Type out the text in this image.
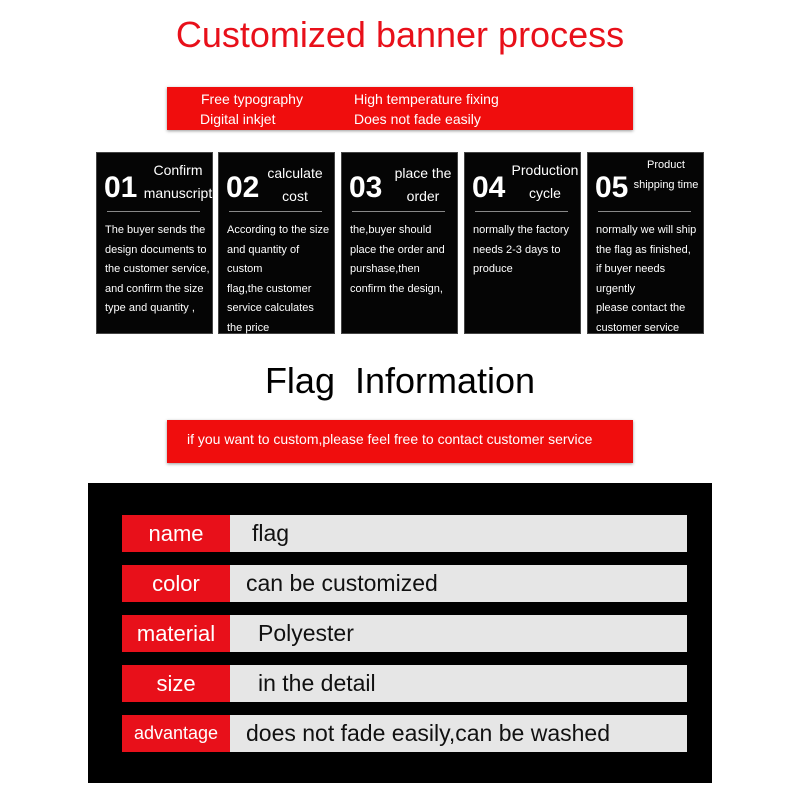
Customized banner process
Free typography	High temperature fixing
Digital inkjet	Does not fade easily
01
Confirm manuscript
The buyer sends the
design documents to
the customer service,
and confirm the size
type and quantity ,
02 calculate cost
According to the size
and quantity of custom
flag,the customer
service calculates
the price
03 place the order
the,buyer should
place the order and
purshase,then
confirm the design,
04
Production cycle
normally the factory
needs 2-3 days to
produce
05
Product shipping time
normally we will ship
the flag as finished,
if buyer needs urgently
please contact the
customer service
Flag  Information
if you want to custom,please feel free to contact customer service
name	flag
color	can be customized
material	Polyester
size	in the detail
advantage	does not fade easily,can be washed
